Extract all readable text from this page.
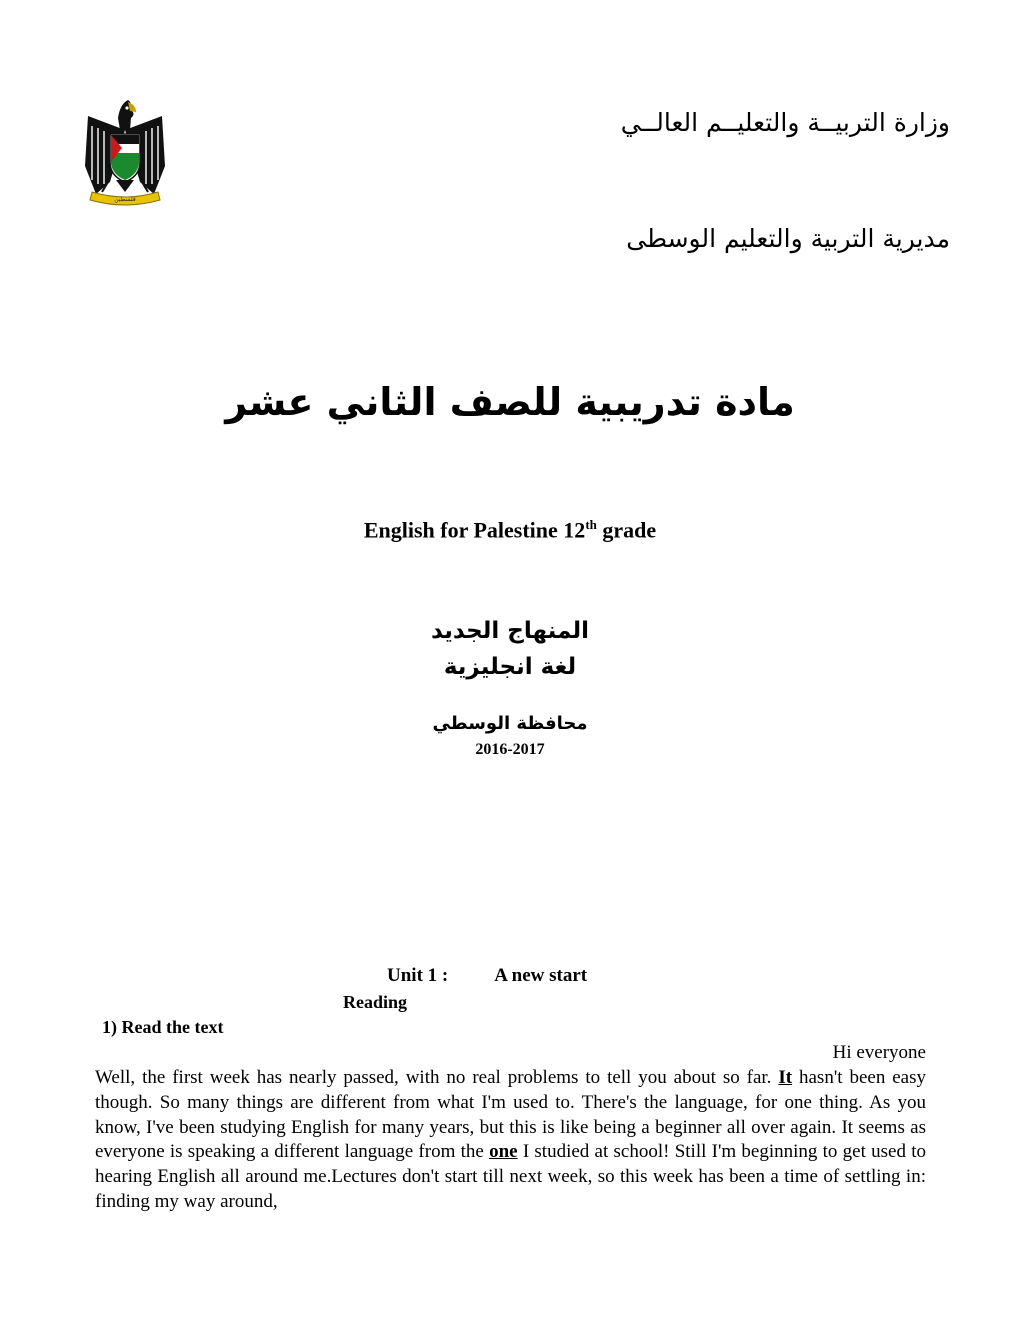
فلسطين
وزارة التربيــة والتعليــم العالــي
مديرية التربية والتعليم الوسطى
مادة تدريبية للصف الثاني عشر
English for Palestine 12th grade
المنهاج الجديد
لغة انجليزية
محافظة الوسطي
2016-2017
Unit 1 : A new start
Reading
1) Read the text
Hi everyone
Well, the first week has nearly passed, with no real problems to tell you about so far. It hasn't been easy though. So many things are different from what I'm used to. There's the language, for one thing. As you know, I've been studying English for many years, but this is like being a beginner all over again. It seems as everyone is speaking a different language from the one I studied at school! Still I'm beginning to get used to hearing English all around me.Lectures don't start till next week, so this week has been a time of settling in: finding my way around,
